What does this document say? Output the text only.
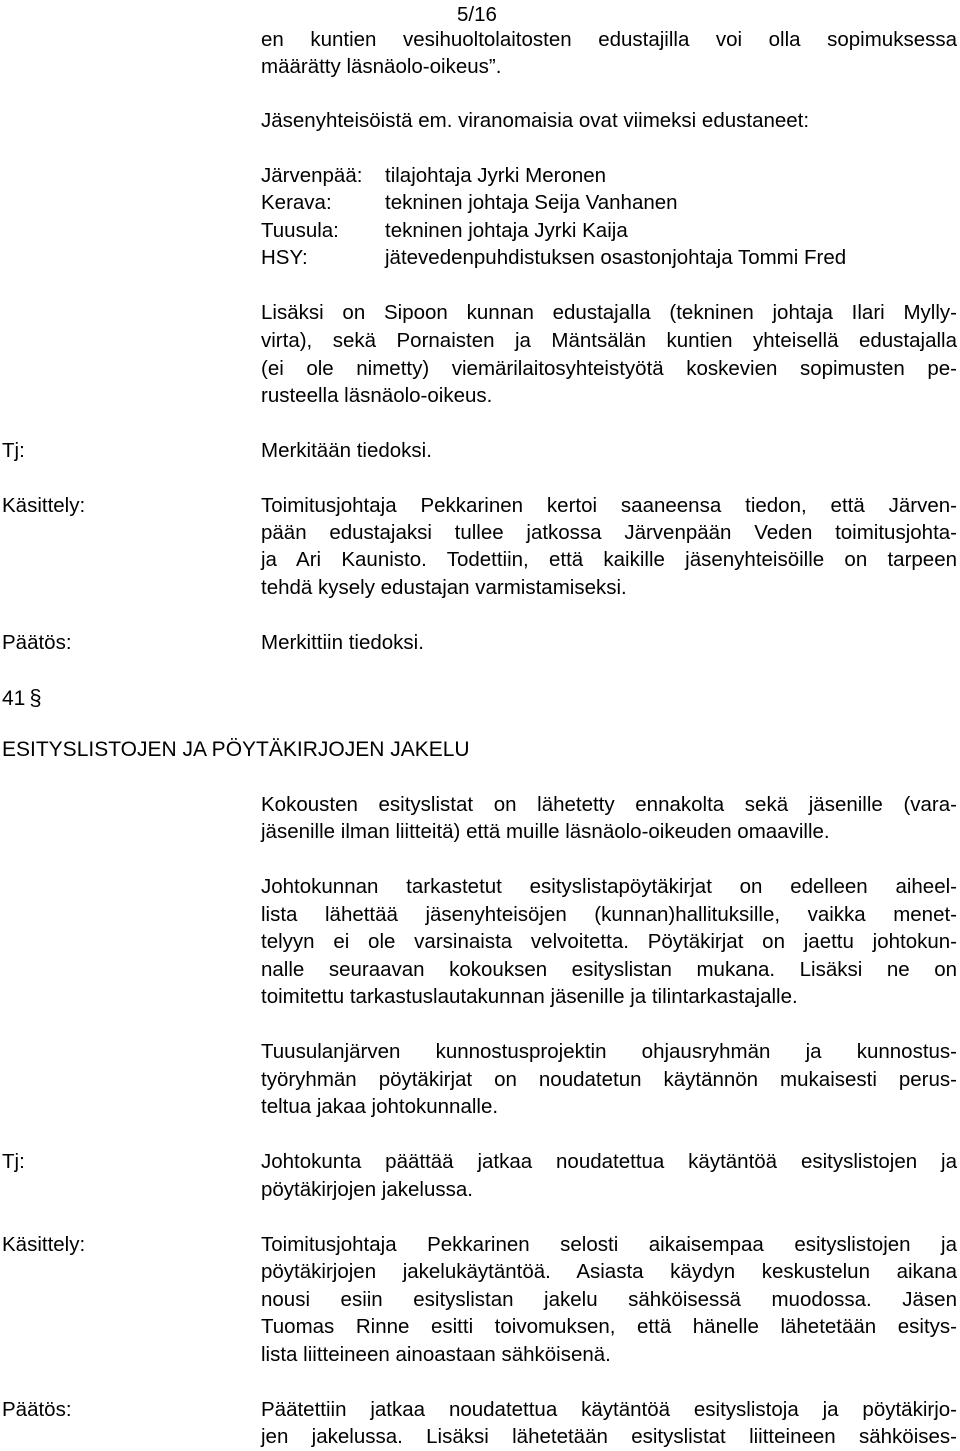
5/16
en kuntien vesihuoltolaitosten edustajilla voi olla sopimuksessa
määrätty läsnäolo-oikeus”.
Jäsenyhteisöistä em. viranomaisia ovat viimeksi edustaneet:
Järvenpää: tilajohtaja Jyrki Meronen
Kerava:	tekninen johtaja Seija Vanhanen
Tuusula: tekninen johtaja Jyrki Kaija
HSY:	jätevedenpuhdistuksen osastonjohtaja Tommi Fred
Lisäksi on Sipoon kunnan edustajalla (tekninen johtaja Ilari Mylly-
virta), sekä Pornaisten ja Mäntsälän kuntien yhteisellä edustajalla
(ei ole nimetty) viemärilaitosyhteistyötä koskevien sopimusten pe-
rusteella läsnäolo-oikeus.
Tj:	Merkitään tiedoksi.
Käsittely:	Toimitusjohtaja Pekkarinen kertoi saaneensa tiedon, että Järven-
pään edustajaksi tullee jatkossa Järvenpään Veden toimitusjohta-
ja Ari Kaunisto. Todettiin, että kaikille jäsenyhteisöille on tarpeen
tehdä kysely edustajan varmistamiseksi.
Päätös:	Merkittiin tiedoksi.
41 §
ESITYSLISTOJEN JA PÖYTÄKIRJOJEN JAKELU
Kokousten esityslistat on lähetetty ennakolta sekä jäsenille (vara-
jäsenille ilman liitteitä) että muille läsnäolo-oikeuden omaaville.
Johtokunnan tarkastetut esityslistapöytäkirjat on edelleen aiheel-
lista lähettää jäsenyhteisöjen (kunnan)hallituksille, vaikka menet-
telyyn ei ole varsinaista velvoitetta. Pöytäkirjat on jaettu johtokun-
nalle seuraavan kokouksen esityslistan mukana. Lisäksi ne on
toimitettu tarkastuslautakunnan jäsenille ja tilintarkastajalle.
Tuusulanjärven kunnostusprojektin ohjausryhmän ja kunnostus-
työryhmän pöytäkirjat on noudatetun käytännön mukaisesti perus-
teltua jakaa johtokunnalle.
Tj:	Johtokunta päättää jatkaa noudatettua käytäntöä esityslistojen ja
pöytäkirjojen jakelussa.
Käsittely:	Toimitusjohtaja Pekkarinen selosti aikaisempaa esityslistojen ja
pöytäkirjojen jakelukäytäntöä. Asiasta käydyn keskustelun aikana
nousi esiin esityslistan jakelu sähköisessä muodossa. Jäsen
Tuomas Rinne esitti toivomuksen, että hänelle lähetetään esitys-
lista liitteineen ainoastaan sähköisenä.
Päätös:	Päätettiin jatkaa noudatettua käytäntöä esityslistoja ja pöytäkirjo-
jen jakelussa. Lisäksi lähetetään esityslistat liitteineen sähköises-
